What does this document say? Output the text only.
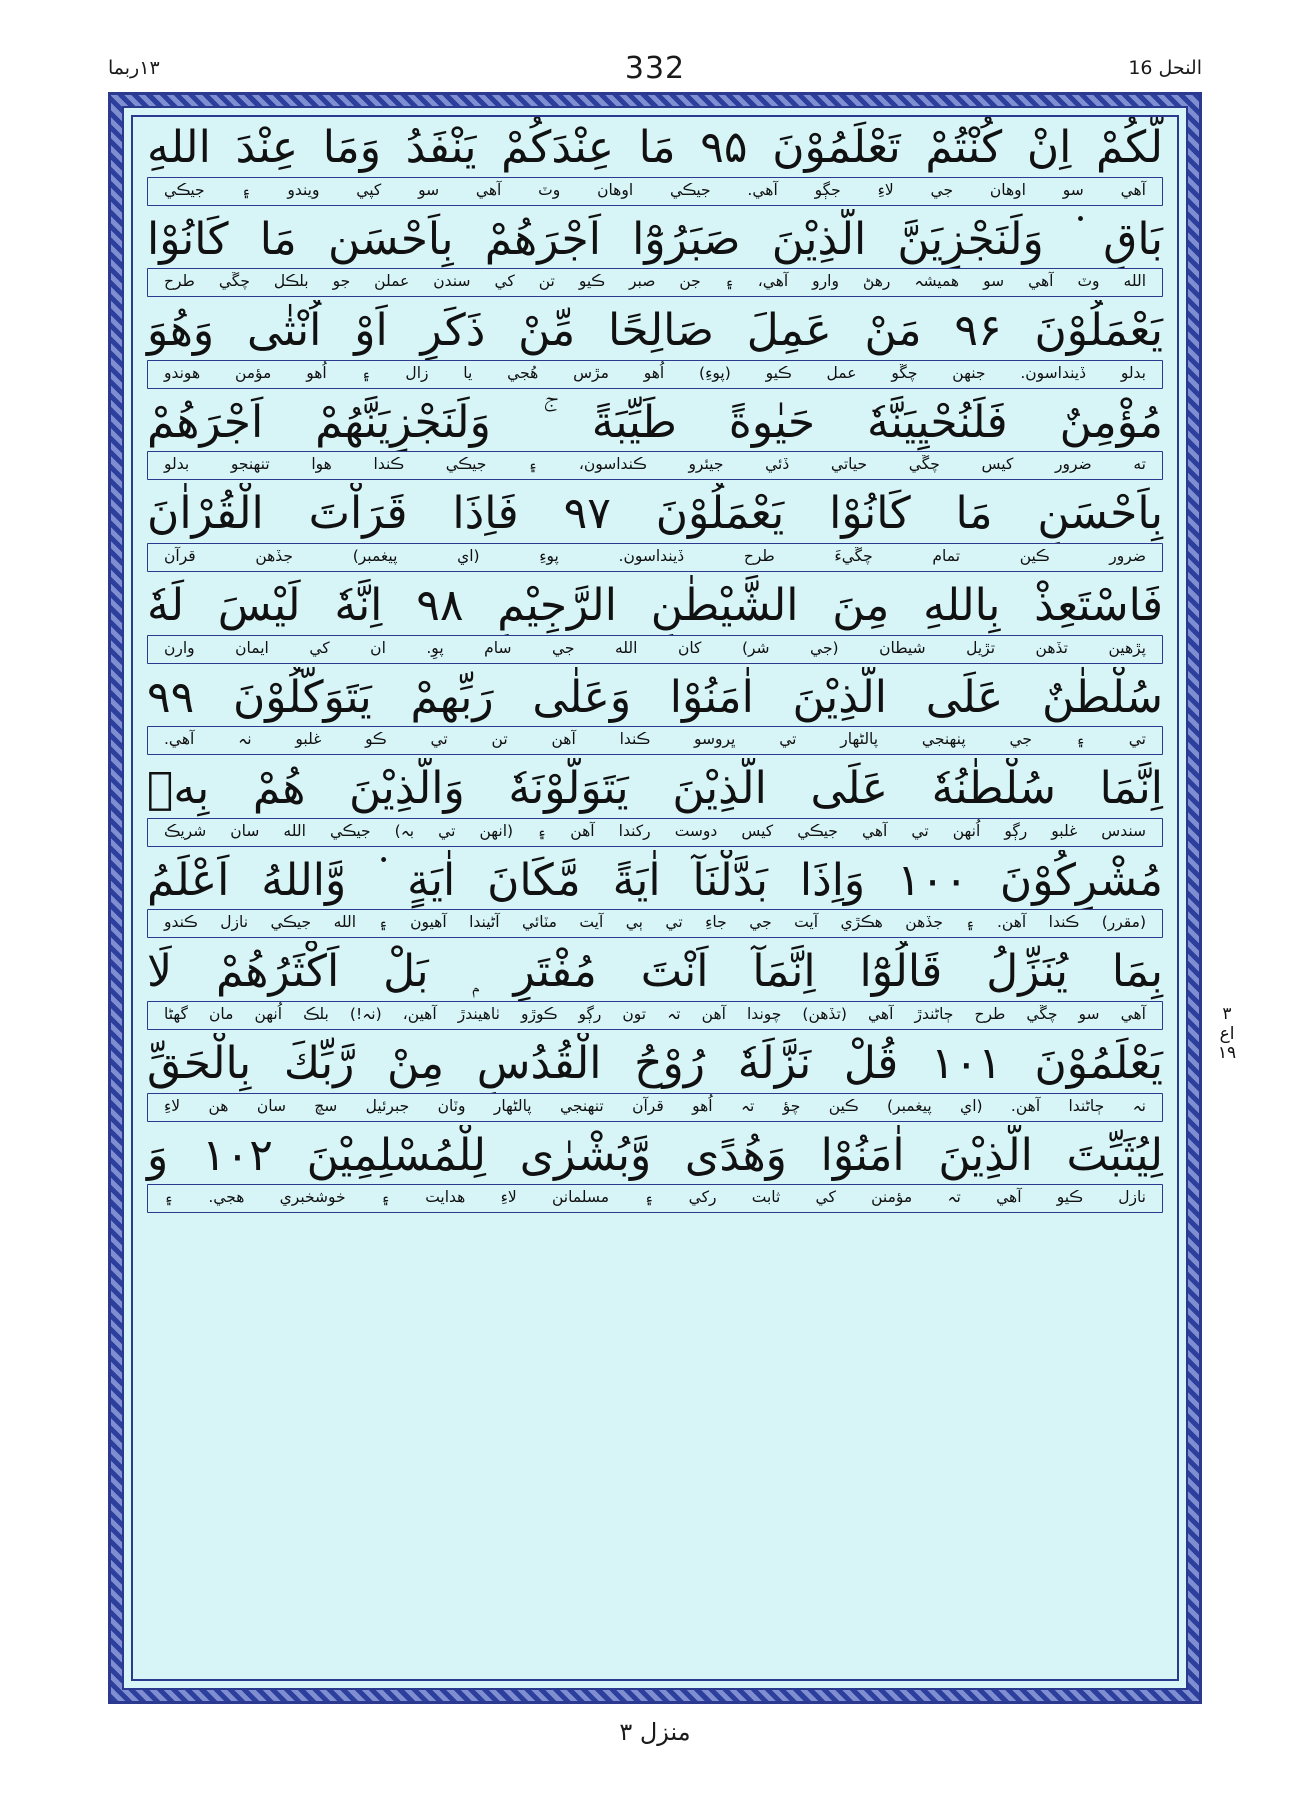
النحل 16
332
١٣ربما
لَّكُمْ اِنْ كُنْتُمْ تَعْلَمُوْنَ ۹۵ مَا عِنْدَكُمْ يَنْفَدُ وَمَا عِنْدَ اللهِ
آهي سو اوهان جي لاءِ جڳو آهي. جيڪي اوهان وٽ آهي سو کپي ويندو ۽ جيڪي
بَاقٍ ۬ وَلَنَجْزِيَنَّ الَّذِيْنَ صَبَرُوْٓا اَجْرَهُمْ بِاَحْسَنِ مَا كَانُوْا
الله وٽ آهي سو هميشہ رهڻ وارو آهي، ۽ جن صبر ڪيو تن کي سندن عملن جو بلڪل چڱي طرح
يَعْمَلُوْنَ ۹۶ مَنْ عَمِلَ صَالِحًا مِّنْ ذَكَرٍ اَوْ اُنْثٰى وَهُوَ
بدلو ڏينداسون. جنهن چڱو عمل ڪيو (پوءِ) اُهو مڙس هُجي يا زال ۽ اُهو مؤمن هوندو
مُؤْمِنٌ فَلَنُحْيِيَنَّهٗ حَيٰوةً طَيِّبَةً ۚ وَلَنَجْزِيَنَّهُمْ اَجْرَهُمْ
ته ضرور کيس چڱي حياتي ڏئي جيئرو ڪنداسون، ۽ جيڪي ڪندا هوا تنهنجو بدلو
بِاَحْسَنِ مَا كَانُوْا يَعْمَلُوْنَ ۹۷ فَاِذَا قَرَاْتَ الْقُرْاٰنَ
ضرور ڪين تمام چڱيءَ طرح ڏينداسون. پوءِ (اي پيغمبر) جڏهن قرآن
فَاسْتَعِذْ بِاللهِ مِنَ الشَّيْطٰنِ الرَّجِيْمِ ۹۸ اِنَّهٗ لَيْسَ لَهٗ
پڙهين تڏهن تڙيل شيطان (جي شر) کان الله جي سام پوِ. ان کي ايمان وارن
سُلْطٰنٌ عَلَى الَّذِيْنَ اٰمَنُوْا وَعَلٰى رَبِّهِمْ يَتَوَكَّلُوْنَ ۹۹
تي ۽ جي پنهنجي پالڻهار تي ڀروسو ڪندا آهن تن تي ڪو غلبو نہ آهي.
اِنَّمَا سُلْطٰنُهٗ عَلَى الَّذِيْنَ يَتَوَلَّوْنَهٗ وَالَّذِيْنَ هُمْ بِهٖ
سندس غلبو رڳو اُنهن تي آهي جيڪي کيس دوست رکندا آهن ۽ (انهن تي بہ) جيڪي الله سان شريڪ
مُشْرِكُوْنَ ۱۰۰ وَاِذَا بَدَّلْنَآ اٰيَةً مَّكَانَ اٰيَةٍ ۬ وَّاللهُ اَعْلَمُ
(مقرر) ڪندا آهن. ۽ جڏهن هڪڙي آيت جي جاءِ تي ٻي آيت مٽائي آڻيندا آهيون ۽ الله جيڪي نازل ڪندو
بِمَا يُنَزِّلُ قَالُوْٓا اِنَّمَآ اَنْتَ مُفْتَرٍ ۭ بَلْ اَكْثَرُهُمْ لَا
آهي سو چڱي طرح ڄاڻندڙ آهي (تڏهن) چوندا آهن تہ تون رڳو ڪوڙو ٺاهيندڙ آهين، (نہ!) بلڪ اُنهن مان گهڻا
يَعْلَمُوْنَ ۱۰۱ قُلْ نَزَّلَهٗ رُوْحُ الْقُدُسِ مِنْ رَّبِّكَ بِالْحَقِّ
نہ ڄاڻندا آهن. (اي پيغمبر) ڪين چؤ تہ اُهو قرآن تنهنجي پالڻهار وٽان جبرئيل سچ سان هن لاءِ
لِيُثَبِّتَ الَّذِيْنَ اٰمَنُوْا وَهُدًى وَّبُشْرٰى لِلْمُسْلِمِيْنَ ۱۰۲ وَ
نازل ڪيو آهي تہ مؤمنن کي ثابت رکي ۽ مسلمانن لاءِ هدايت ۽ خوشخبري هجي. ۽
٣
اع
١٩
منزل ٣
